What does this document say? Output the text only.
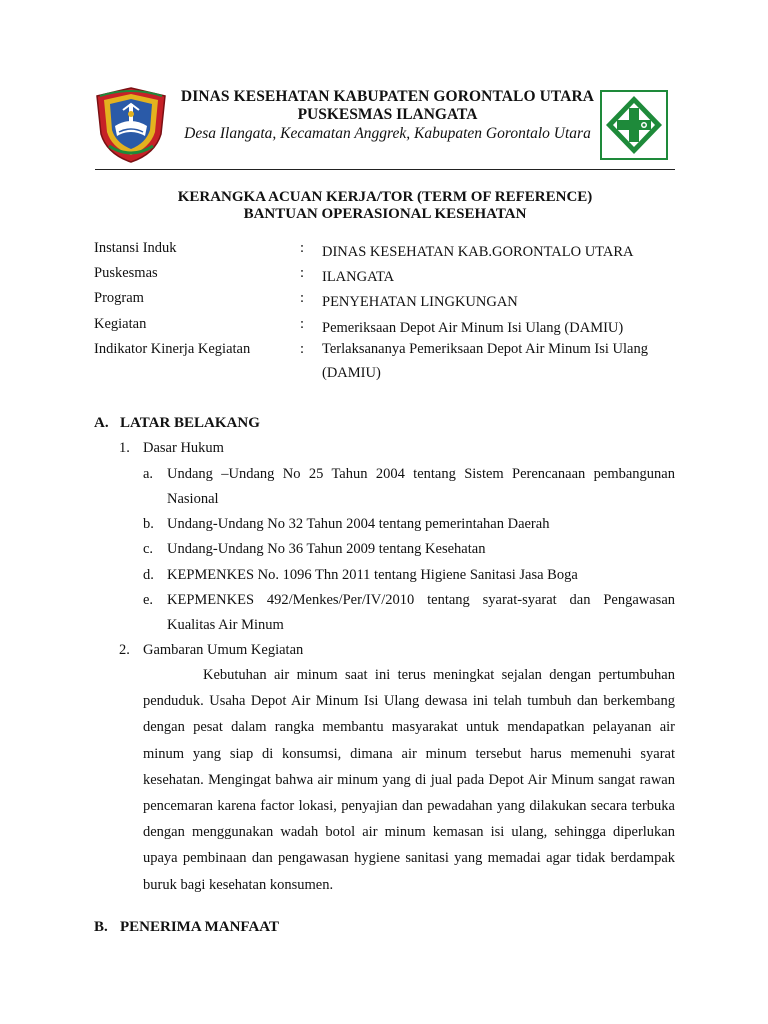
DINAS KESEHATAN KABUPATEN GORONTALO UTARA
PUSKESMAS ILANGATA
Desa Ilangata, Kecamatan Anggrek, Kabupaten Gorontalo Utara
KERANGKA ACUAN KERJA/TOR (TERM OF REFERENCE)
BANTUAN OPERASIONAL KESEHATAN
Instansi Induk	: DINAS KESEHATAN KAB.GORONTALO UTARA
Puskesmas	: ILANGATA
Program	: PENYEHATAN LINGKUNGAN
Kegiatan	: Pemeriksaan Depot Air Minum Isi Ulang (DAMIU)
Indikator Kinerja Kegiatan	: Terlaksananya Pemeriksaan Depot Air Minum Isi Ulang (DAMIU)
A. LATAR BELAKANG
1. Dasar Hukum
a. Undang –Undang No 25 Tahun 2004 tentang Sistem Perencanaan pembangunan Nasional
b. Undang-Undang No 32 Tahun 2004 tentang pemerintahan Daerah
c. Undang-Undang No 36 Tahun 2009 tentang Kesehatan
d. KEPMENKES No. 1096 Thn 2011 tentang Higiene Sanitasi Jasa Boga
e. KEPMENKES 492/Menkes/Per/IV/2010 tentang syarat-syarat dan Pengawasan Kualitas Air Minum
2. Gambaran Umum Kegiatan
Kebutuhan air minum saat ini terus meningkat sejalan dengan pertumbuhan penduduk. Usaha Depot Air Minum Isi Ulang dewasa ini telah tumbuh dan berkembang dengan pesat dalam rangka membantu masyarakat untuk mendapatkan pelayanan air minum yang siap di konsumsi, dimana air minum tersebut harus memenuhi syarat kesehatan. Mengingat bahwa air minum yang di jual pada Depot Air Minum sangat rawan pencemaran karena factor lokasi, penyajian dan pewadahan yang dilakukan secara terbuka dengan menggunakan wadah botol air minum kemasan isi ulang, sehingga diperlukan upaya pembinaan dan pengawasan hygiene sanitasi yang memadai agar tidak berdampak buruk bagi kesehatan konsumen.
B. PENERIMA MANFAAT
